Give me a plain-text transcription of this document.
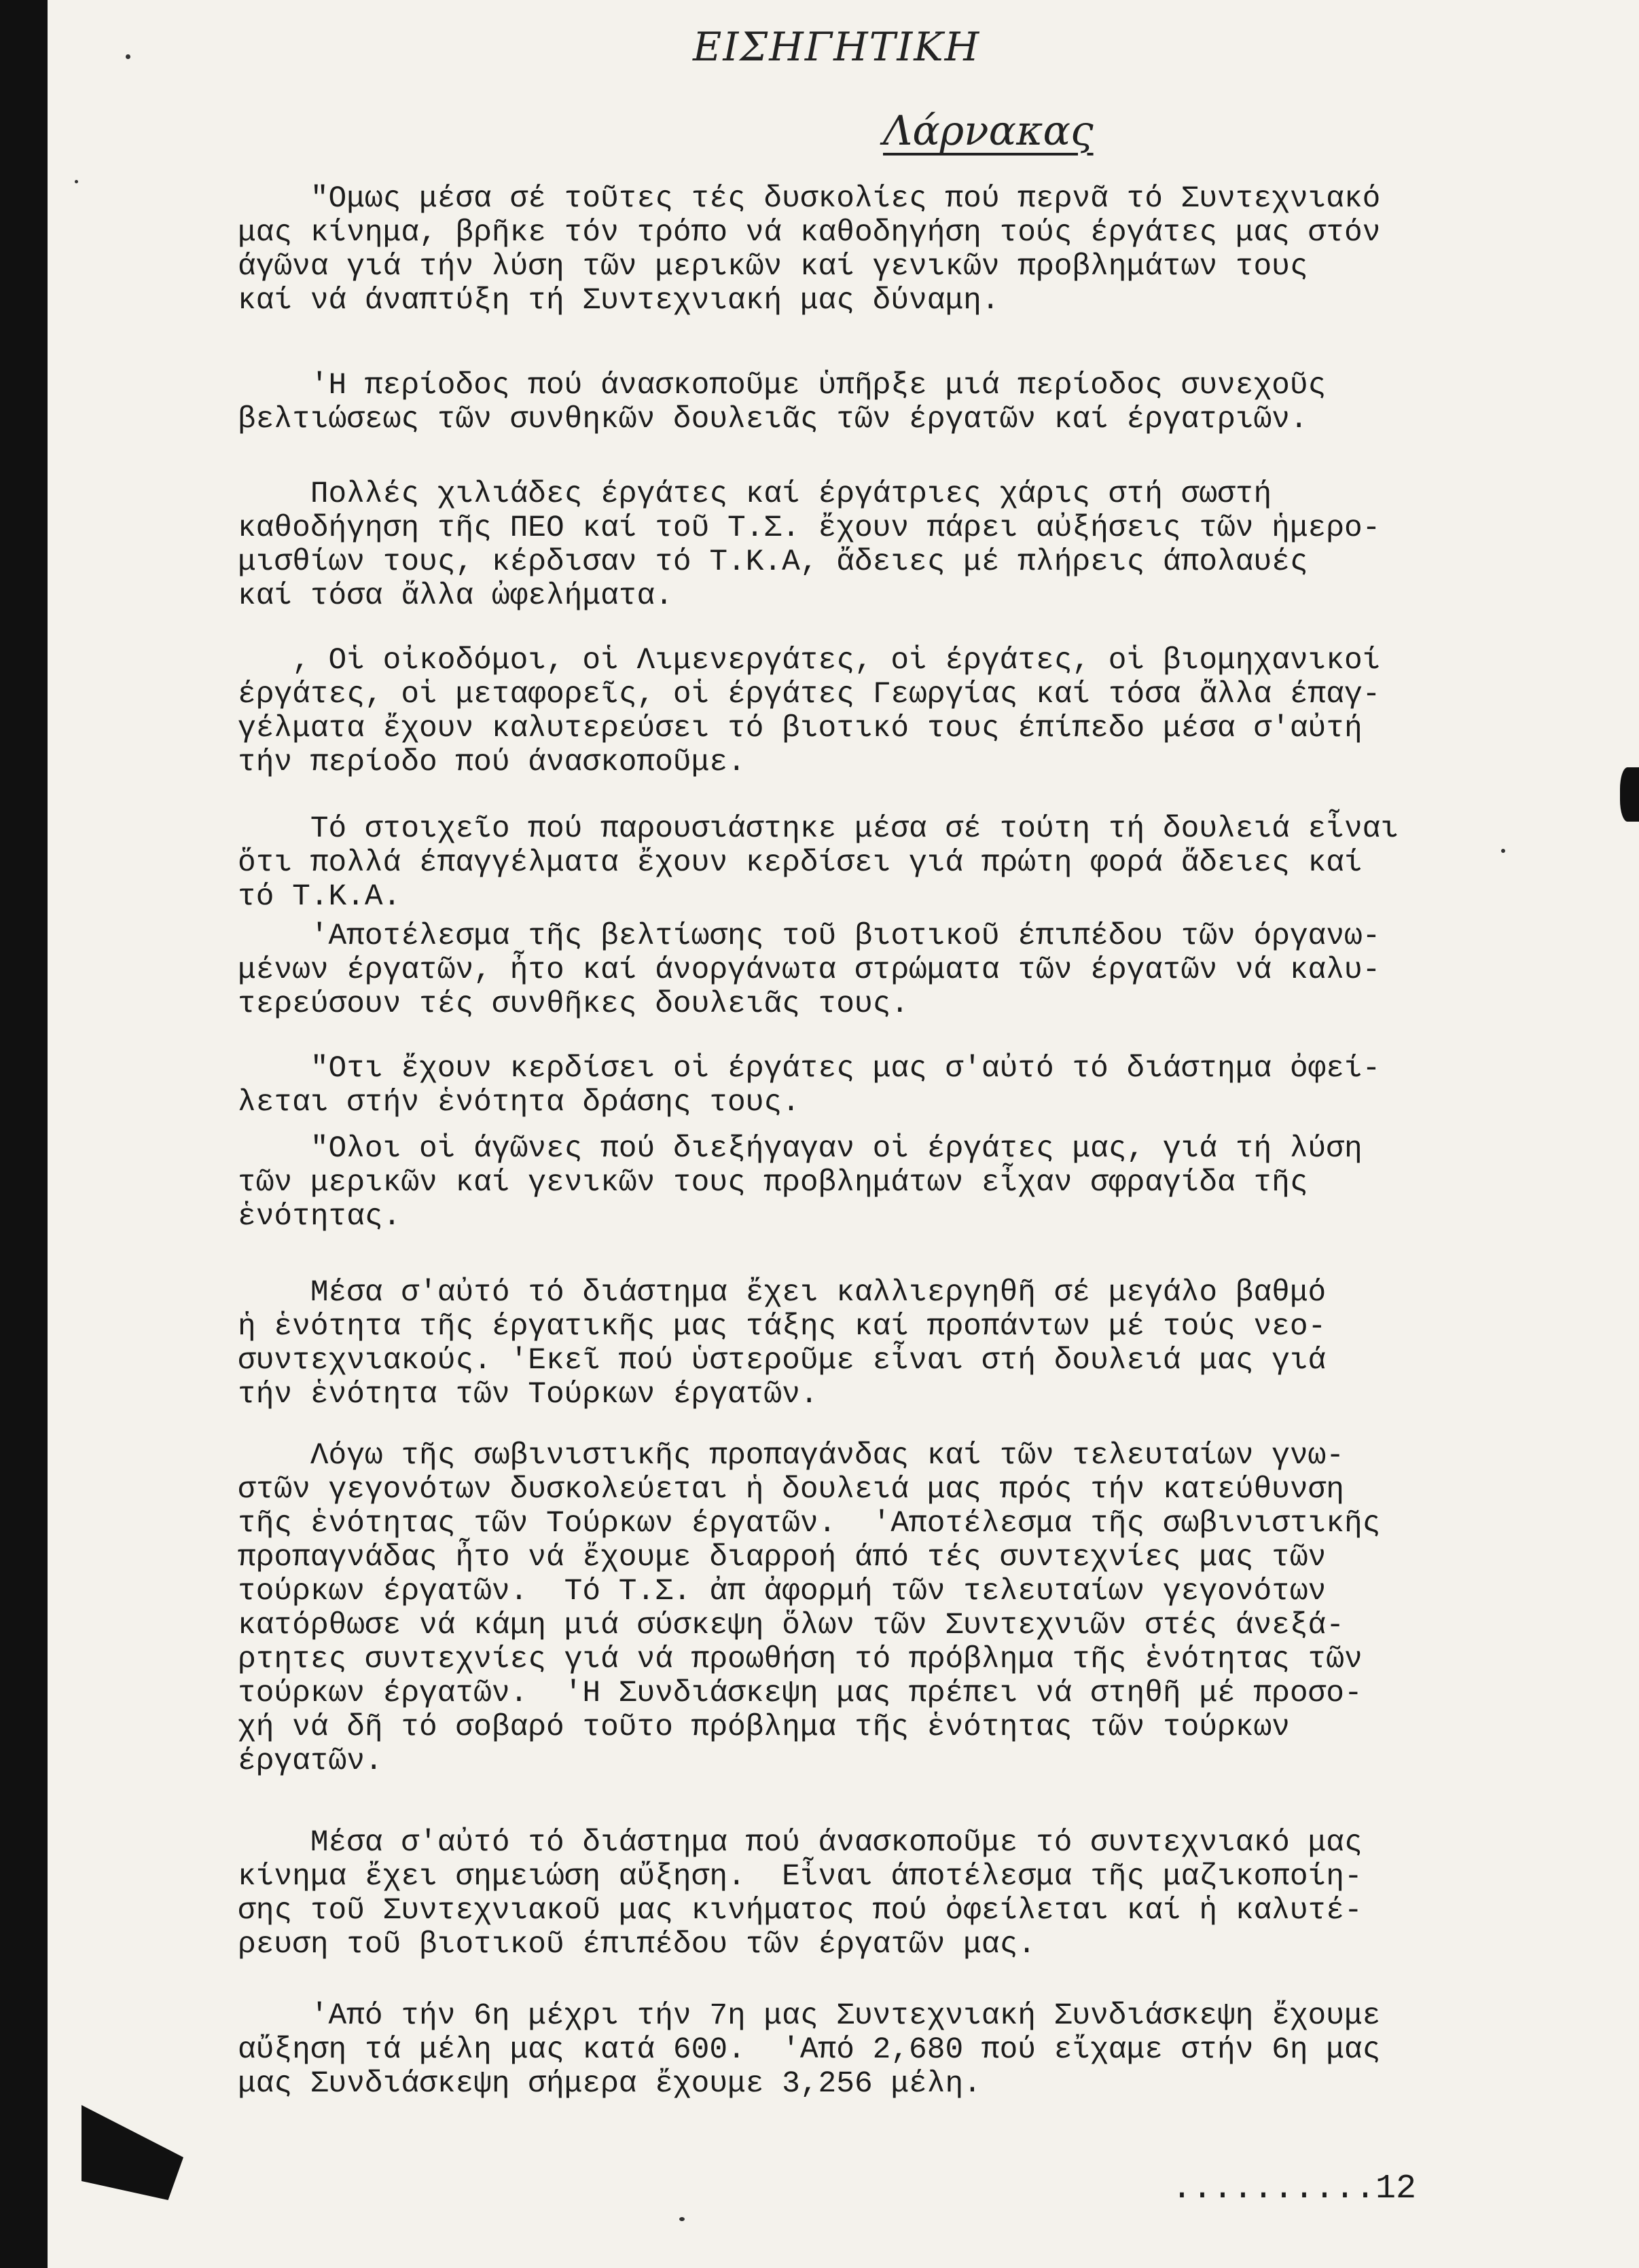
ΕΙΣΗΓΗΤΙΚΗ
Λάρνακας
"Ομως μέσα σέ τοῦτες τές δυσκολίες πού περνᾶ τό Συντεχνιακό
μας κίνημα, βρῆκε τόν τρόπο νά καθοδηγήση τούς έργάτες μας στόν
άγῶνα γιά τήν λύση τῶν μερικῶν καί γενικῶν προβλημάτων τους
καί νά άναπτύξη τή Συντεχνιακή μας δύναμη.
'Η περίοδος πού άνασκοποῦμε ὑπῆρξε μιά περίοδος συνεχοῦς
βελτιώσεως τῶν συνθηκῶν δουλειᾶς τῶν έργατῶν καί έργατριῶν.
Πολλές χιλιάδες έργάτες καί έργάτριες χάρις στή σωστή
καθοδήγηση τῆς ΠΕΟ καί τοῦ Τ.Σ. ἔχουν πάρει αὐξήσεις τῶν ἡμερο-
μισθίων τους, κέρδισαν τό Τ.Κ.Α, ἄδειες μέ πλήρεις άπολαυές
καί τόσα ἄλλα ὠφελήματα.
, Οἱ οἰκοδόμοι, οἱ Λιμενεργάτες, οἱ έργάτες, οἱ βιομηχανικοί
έργάτες, οἱ μεταφορεῖς, οἱ έργάτες Γεωργίας καί τόσα ἄλλα έπαγ-
γέλματα ἔχουν καλυτερεύσει τό βιοτικό τους έπίπεδο μέσα σ'αὐτή
τήν περίοδο πού άνασκοποῦμε.
Τό στοιχεῖο πού παρουσιάστηκε μέσα σέ τούτη τή δουλειά εἶναι
ὅτι πολλά έπαγγέλματα ἔχουν κερδίσει γιά πρώτη φορά ἄδειες καί
τό Τ.Κ.Α.
'Αποτέλεσμα τῆς βελτίωσης τοῦ βιοτικοῦ έπιπέδου τῶν όργανω-
μένων έργατῶν, ἦτο καί άνοργάνωτα στρώματα τῶν έργατῶν νά καλυ-
τερεύσουν τές συνθῆκες δουλειᾶς τους.
"Οτι ἔχουν κερδίσει οἱ έργάτες μας σ'αὐτό τό διάστημα ὀφεί-
λεται στήν ἑνότητα δράσης τους.
"Ολοι οἱ άγῶνες πού διεξήγαγαν οἱ έργάτες μας, γιά τή λύση
τῶν μερικῶν καί γενικῶν τους προβλημάτων εἶχαν σφραγίδα τῆς
ἑνότητας.
Μέσα σ'αὐτό τό διάστημα ἔχει καλλιεργηθῆ σέ μεγάλο βαθμό
ἡ ἑνότητα τῆς έργατικῆς μας τάξης καί προπάντων μέ τούς νεο-
συντεχνιακούς. 'Εκεῖ πού ὑστεροῦμε εἶναι στή δουλειά μας γιά
τήν ἑνότητα τῶν Τούρκων έργατῶν.
Λόγω τῆς σωβινιστικῆς προπαγάνδας καί τῶν τελευταίων γνω-
στῶν γεγονότων δυσκολεύεται ἡ δουλειά μας πρός τήν κατεύθυνση
τῆς ἑνότητας τῶν Τούρκων έργατῶν.  'Αποτέλεσμα τῆς σωβινιστικῆς
προπαγνάδας ἦτο νά ἔχουμε διαρροή άπό τές συντεχνίες μας τῶν
τούρκων έργατῶν.  Τό Τ.Σ. ἀπ ἀφορμή τῶν τελευταίων γεγονότων
κατόρθωσε νά κάμη μιά σύσκεψη ὅλων τῶν Συντεχνιῶν στές άνεξά-
ρτητες συντεχνίες γιά νά προωθήση τό πρόβλημα τῆς ἑνότητας τῶν
τούρκων έργατῶν.  'Η Συνδιάσκεψη μας πρέπει νά στηθῆ μέ προσο-
χή νά δῆ τό σοβαρό τοῦτο πρόβλημα τῆς ἑνότητας τῶν τούρκων
έργατῶν.
Μέσα σ'αὐτό τό διάστημα πού άνασκοποῦμε τό συντεχνιακό μας
κίνημα ἔχει σημειώση αὔξηση.  Εἶναι άποτέλεσμα τῆς μαζικοποίη-
σης τοῦ Συντεχνιακοῦ μας κινήματος πού ὀφείλεται καί ἡ καλυτέ-
ρευση τοῦ βιοτικοῦ έπιπέδου τῶν έργατῶν μας.
'Από τήν 6η μέχρι τήν 7η μας Συντεχνιακή Συνδιάσκεψη ἔχουμε
αὔξηση τά μέλη μας κατά 600.  'Από 2,680 πού εἴχαμε στήν 6η μας
μας Συνδιάσκεψη σήμερα ἔχουμε 3,256 μέλη.
..........12
